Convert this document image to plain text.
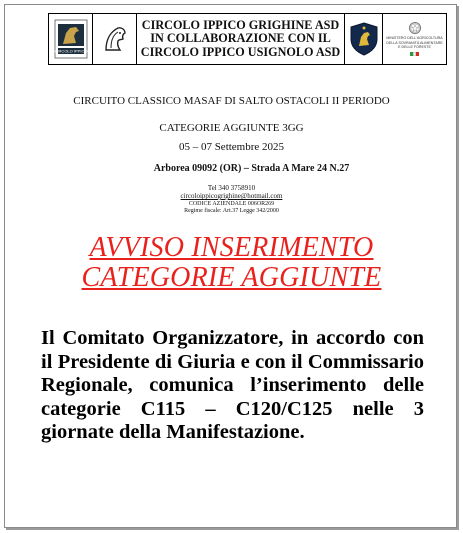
CIRCOLO IPPICO
CIRCOLO IPPICO GRIGHINE ASD
IN COLLABORAZIONE CON IL
CIRCOLO IPPICO USIGNOLO ASD
MINISTERO DELL'AGRICOLTURA
DELLA SOVRANITÀ ALIMENTARE
E DELLE FORESTE
CIRCUITO CLASSICO MASAF DI SALTO OSTACOLI II PERIODO
CATEGORIE AGGIUNTE 3GG
05 – 07 Settembre 2025
Arborea 09092 (OR) – Strada A Mare 24 N.27
Tel 340 3758910
circoloippicogrighine@hotmail.com
CODICE AZIENDALE 006OR269
Regime fiscale: Art.37 Legge 342/2000
AVVISO INSERIMENTO
CATEGORIE AGGIUNTE
Il Comitato Organizzatore, in accordo con il Presidente di Giuria e con il Commissario Regionale, comunica l’inserimento delle categorie C115 – C120/C125 nelle 3 giornate della Manifestazione.
